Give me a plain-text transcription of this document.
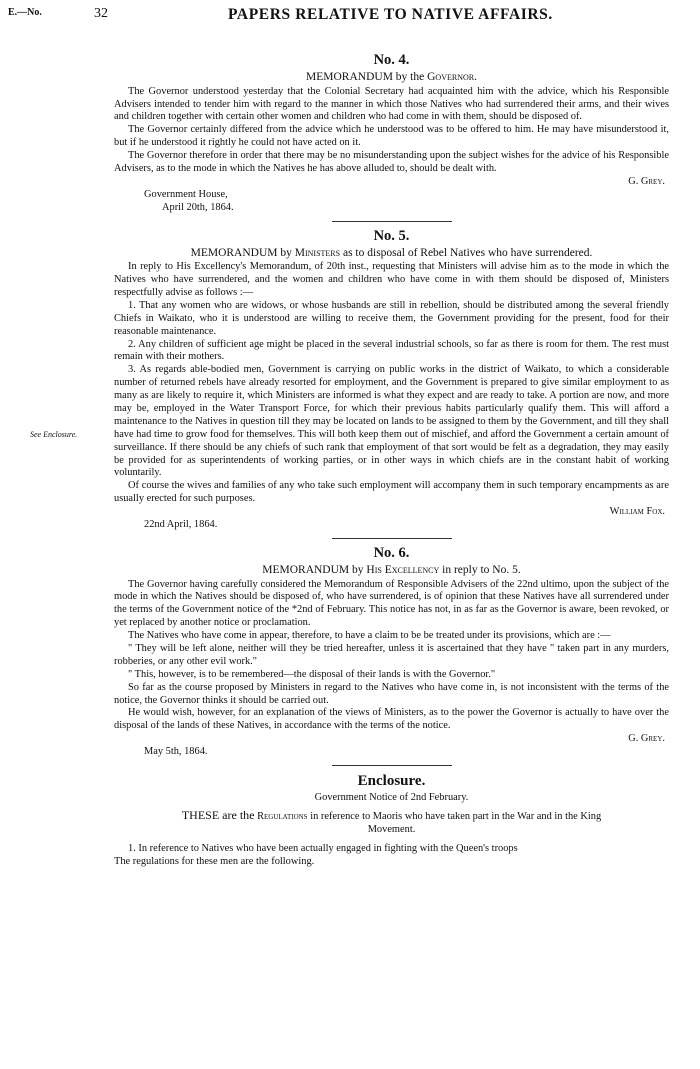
E.—No.	32	PAPERS RELATIVE TO NATIVE AFFAIRS.
See Enclosure.
No. 4.
MEMORANDUM by the Governor.

The Governor understood yesterday that the Colonial Secretary had acquainted him with the advice, which his Responsible Advisers intended to tender him with regard to the manner in which those Natives who had surrendered their arms, and their wives and children together with certain other women and children who had come in with them, should be disposed of.

The Governor certainly differed from the advice which he understood was to be offered to him. He may have misunderstood it, but if he understood it rightly he could not have acted on it.

The Governor therefore in order that there may be no misunderstanding upon the subject wishes for the advice of his Responsible Advisers, as to the mode in which the Natives he has above alluded to, should be dealt with.

G. Grey.

Government House,

April 20th, 1864.

No. 5.
MEMORANDUM by Ministers as to disposal of Rebel Natives who have surrendered.

In reply to His Excellency's Memorandum, of 20th inst., requesting that Ministers will advise him as to the mode in which the Natives who have surrendered, and the women and children who have come in with them should be disposed of, Ministers respectfully advise as follows :—

1. That any women who are widows, or whose husbands are still in rebellion, should be distributed among the several friendly Chiefs in Waikato, who it is understood are willing to receive them, the Government providing for the present, food for their reasonable maintenance.

2. Any children of sufficient age might be placed in the several industrial schools, so far as there is room for them. The rest must remain with their mothers.

3. As regards able-bodied men, Government is carrying on public works in the district of Waikato, to which a considerable number of returned rebels have already resorted for employment, and the Government is prepared to give similar employment to as many as are likely to require it, which Ministers are informed is what they expect and are ready to take. A portion are now, and more may be, employed in the Water Transport Force, for which their previous habits particularly qualify them. This will afford a maintenance to the Natives in question till they may be located on lands to be assigned to them by the Government, and till they shall have had time to grow food for themselves. This will both keep them out of mischief, and afford the Government a certain amount of surveillance. If there should be any chiefs of such rank that employment of that sort would be felt as a degradation, they may easily be provided for as superintendents of working parties, or in other ways in which chiefs are in the constant habit of working voluntarily.

Of course the wives and families of any who take such employment will accompany them in such temporary encampments as are usually erected for such purposes.

William Fox.

22nd April, 1864.

No. 6.
MEMORANDUM by His Excellency in reply to No. 5.

The Governor having carefully considered the Memorandum of Responsible Advisers of the 22nd ultimo, upon the subject of the mode in which the Natives should be disposed of, who have surrendered, is of opinion that these Natives have all surrendered under the terms of the Government notice of the *2nd of February. This notice has not, in as far as the Governor is aware, been revoked, or yet replaced by another notice or proclamation.

The Natives who have come in appear, therefore, to have a claim to be be treated under its provisions, which are :—

" They will be left alone, neither will they be tried hereafter, unless it is ascertained that they have " taken part in any murders, robberies, or any other evil work."

" This, however, is to be remembered—the disposal of their lands is with the Governor."

So far as the course proposed by Ministers in regard to the Natives who have come in, is not inconsistent with the terms of the notice, the Governor thinks it should be carried out.

He would wish, however, for an explanation of the views of Ministers, as to the power the Governor is actually to have over the disposal of the lands of these Natives, in accordance with the terms of the notice.

G. Grey.

May 5th, 1864.

Enclosure.

Government Notice of 2nd February.

THESE are the Regulations in reference to Maoris who have taken part in the War and in the King

Movement.

1. In reference to Natives who have been actually engaged in fighting with the Queen's troops

The regulations for these men are the following.
